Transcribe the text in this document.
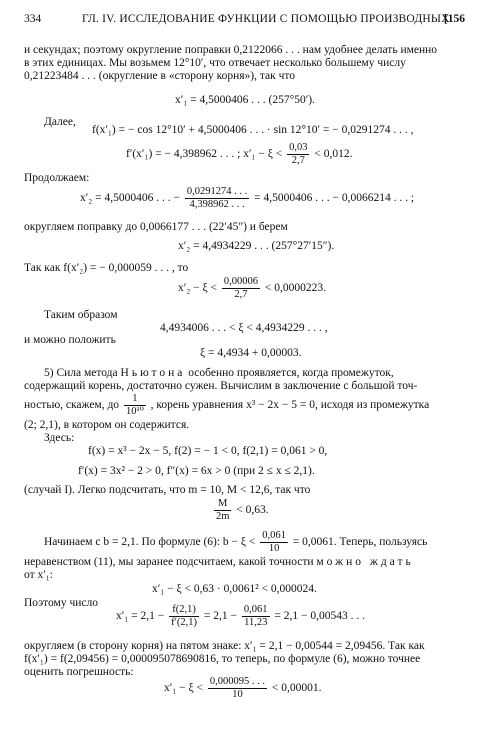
334	ГЛ. IV. ИССЛЕДОВАНИЕ ФУНКЦИИ С ПОМОЩЬЮ ПРОИЗВОДНЫХ
[156
и секундах; поэтому округление поправки 0,2122066 . . . нам удобнее делать именно
в этих единицах. Мы возьмем 12°10′, что отвечает несколько большему числу
0,21223484 . . . (округление в «сторону корня»), так что
x′₁ = 4,5000406 . . . (257°50′).
Далее,
f(x′₁) = − cos 12°10′ + 4,5000406 . . . · sin 12°10′ = − 0,0291274 . . . ,
f′(x′₁) = − 4,398962 . . . ; $x'_1 - \xi < \frac{0,03}{2,7} < 0,012$.
Продолжаем:
x′₂ = 4,5000406 . . . − $\frac{0,0291274 . . .}{4,398962 . . .} = 4,5000406$ . . . − 0,0066214 . . . ;
округляем поправку до 0,0066177 . . . (22′45″) и берем
x′₂ = 4,4934229 . . . (257°27′15″).
Так как f(x′₂) = − 0,000059 . . . , то
$x'_2 - \xi < \frac{0,00006}{2,7} < 0,0000223$.
Таким образом
4,4934006 . . . < ξ < 4,4934229 . . . ,
и можно положить
ξ = 4,4934 + 0,00003.
5) Сила метода Ньютона особенно проявляется, когда промежуток,
содержащий корень, достаточно сужен. Вычислим в заключение с большой точ-
ностью, скажем, до $\frac{1}{\text{10¹⁰}}$ , корень уравнения x³ − 2x − 5 = 0, исходя из промежутка
(2; 2,1), в котором он содержится.
Здесь:
f(x) = x³ − 2x − 5, f(2) = − 1 < 0, f(2,1) = 0,061 > 0,
f′(x) = 3x² − 2 > 0, f″(x) = 6x > 0 (при 2 ≤ x ≤ 2,1).
(случай I). Легко подсчитать, что m = 10, M < 12,6, так что
$\frac{M}{2m} < 0,63$.
Начинаем с b = 2,1. По формуле (6): $b - \xi < \frac{0,061}{10} = 0,0061$. Теперь, пользуясь
неравенством (11), мы заранее подсчитаем, какой точности можно ждать
от x′₁:
x′₁ − ξ < 0,63 · 0,0061² < 0,000024.
Поэтому число
$x'_1 = 2,1 - \frac{f(2,1)}{f'(2,1)} = 2,1 - \frac{0,061}{11,23} = 2,1 - 0,00543$ . . .
округляем (в сторону корня) на пятом знаке: x′₁ = 2,1 − 0,00544 = 2,09456. Так как
f(x′₁) = f(2,09456) = 0,000095078690816, то теперь, по формуле (6), можно точнее
оценить погрешность:
$x'_1 - \xi < \frac{0,000095 . . .}{10} < 0,00001$.
